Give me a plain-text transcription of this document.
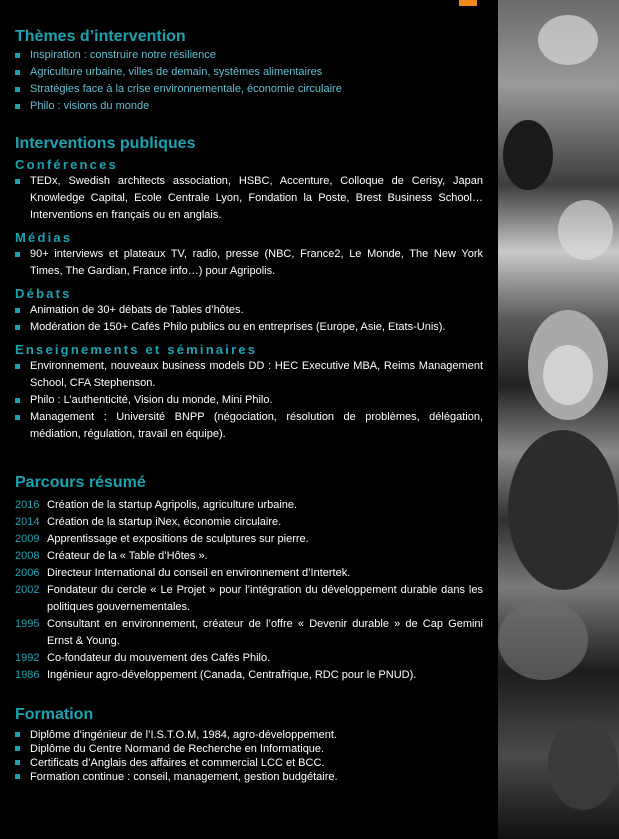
Thèmes d’intervention
Inspiration : construire notre résilience
Agriculture urbaine, villes de demain, systèmes alimentaires
Stratégies face à la crise environnementale, économie circulaire
Philo : visions du monde
Interventions publiques
Conférences
TEDx, Swedish architects association, HSBC, Accenture, Colloque de Cerisy, Japan Knowledge Capital, Ecole Centrale Lyon, Fondation la Poste, Brest Business School… Interventions en français ou en anglais.
Médias
90+ interviews et plateaux TV, radio, presse (NBC, France2, Le Monde, The New York Times, The Gardian, France info…) pour Agripolis.
Débats
Animation de 30+ débats de Tables d’hôtes.
Modération de 150+ Cafés Philo publics ou en entreprises (Europe, Asie, Etats-Unis).
Enseignements et séminaires
Environnement, nouveaux business models DD : HEC Executive MBA, Reims Management School, CFA Stephenson.
Philo : L’authenticité, Vision du monde, Mini Philo.
Management : Université BNPP (négociation, résolution de problèmes, délégation, médiation, régulation, travail en équipe).
Parcours résumé
2016 Création de la startup Agripolis, agriculture urbaine.
2014 Création de la startup iNex, économie circulaire.
2009 Apprentissage et expositions de sculptures sur pierre.
2008 Créateur de la « Table d’Hôtes ».
2006 Directeur International du conseil en environnement d’Intertek.
2002 Fondateur du cercle « Le Projet » pour l’intégration du développement durable dans les politiques gouvernementales.
1995 Consultant en environnement, créateur de l’offre « Devenir durable » de Cap Gemini Ernst & Young.
1992 Co-fondateur du mouvement des Cafés Philo.
1986 Ingénieur agro-développement (Canada, Centrafrique, RDC pour le PNUD).
Formation
Diplôme d’ingénieur de l’I.S.T.O.M, 1984, agro-développement.
Diplôme du Centre Normand de Recherche en Informatique.
Certificats d’Anglais des affaires et commercial LCC et BCC.
Formation continue : conseil, management, gestion budgétaire.
